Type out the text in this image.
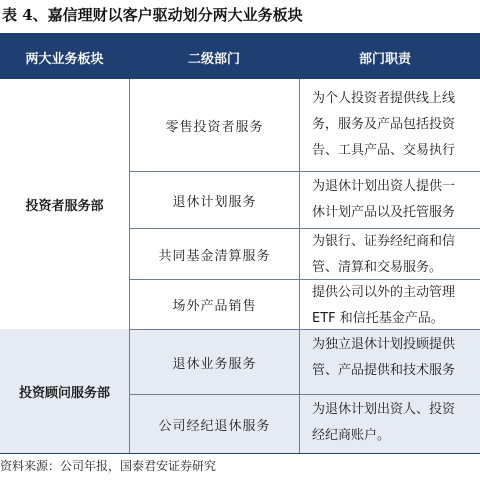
表 4、嘉信理财以客户驱动划分两大业务板块
两大业务板块	二级部门	部门职责
投资者服务部
零售投资者服务
为个人投资者提供线上线
务，服务及产品包括投资
告、工具产品、交易执行
退休计划服务
为退休计划出资人提供一
休计划产品以及托管服务
共同基金清算服务
为银行、证券经纪商和信
管、清算和交易服务。
场外产品销售
提供公司以外的主动管理
ETF 和信托基金产品。
投资顾问服务部
退休业务服务
为独立退休计划投顾提供
管、产品提供和技术服务
公司经纪退休服务
为退休计划出资人、投资
经纪商账户。
资料来源：公司年报，国泰君安证券研究
